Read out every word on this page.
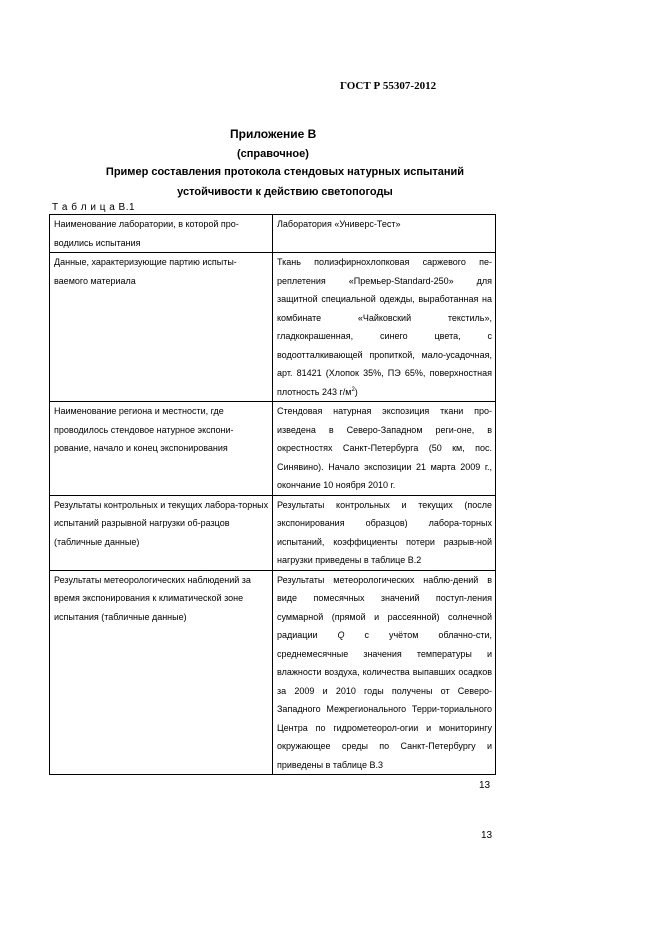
ГОСТ Р 55307-2012
Приложение В
(справочное)
Пример составления протокола стендовых натурных испытаний
устойчивости к действию светопогоды
Т а б л и ц а В.1
Наименование лаборатории, в которой про-водились испытания	Лаборатория «Универс-Тест»
Данные, характеризующие партию испыты-ваемого материала	Ткань полиэфирнохлопковая саржевого пе-реплетения «Премьер-Standard-250» для защитной специальной одежды, выработанная на комбинате «Чайковский текстиль», гладкокрашенная, синего цвета, с водоотталкивающей пропиткой, мало-усадочная, арт. 81421 (Хлопок 35%, ПЭ 65%, поверхностная плотность 243 $г/м^2$)
Наименование региона и местности, где проводилось стендовое натурное экспони-рование, начало и конец экспонирования	Стендовая натурная экспозиция ткани про-изведена в Северо-Западном реги-оне, в окрестностях Санкт-Петербурга (50 км, пос. Синявино). Начало экспозиции 21 марта 2009 г., окончание 10 ноября 2010 г.
Результаты контрольных и текущих лабора-торных испытаний разрывной нагрузки об-разцов (табличные данные)	Результаты контрольных и текущих (после экспонирования образцов) лабора-торных испытаний, коэффициенты потери разрыв-ной нагрузки приведены в таблице В.2
Результаты метеорологических наблюдений за время экспонирования к климатической зоне испытания (табличные данные)	Результаты метеорологических наблю-дений в виде помесячных значений поступ-ления суммарной (прямой и рассеянной) солнечной радиации Q с учётом облачно-сти, среднемесячные значения температуры и влажности воздуха, количества выпавших осадков за 2009 и 2010 годы получены от Северо-Западного Межрегионального Терри-ториального Центра по гидрометеорол-огии и мониторингу окружающее среды по Санкт-Петербургу и приведены в таблице В.3
13
13
